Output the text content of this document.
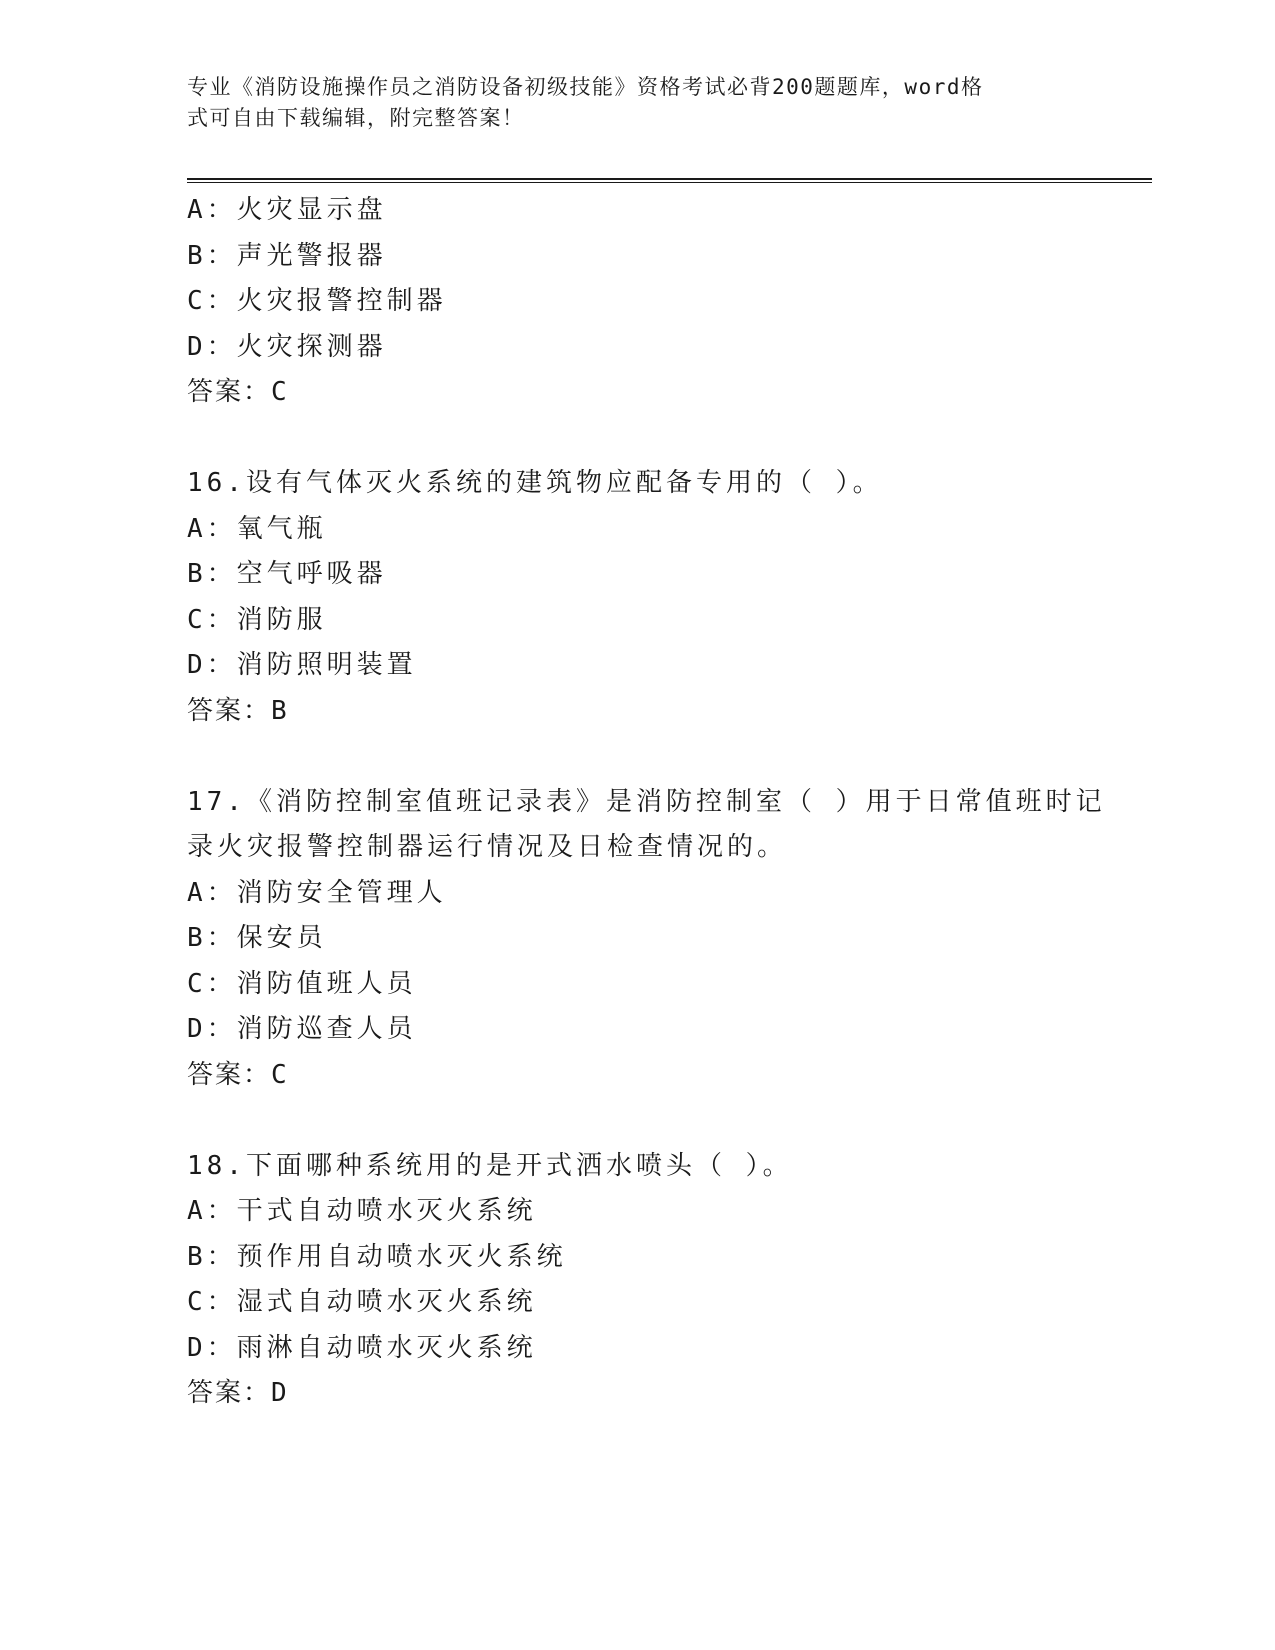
专业《消防设施操作员之消防设备初级技能》资格考试必背200题题库，word格

式可自由下载编辑，附完整答案！

A：火灾显示盘
B：声光警报器
C：火灾报警控制器
D：火灾探测器
答案：C
16.设有气体灭火系统的建筑物应配备专用的（ ）。
A：氧气瓶
B：空气呼吸器
C：消防服
D：消防照明装置
答案：B
17.《消防控制室值班记录表》是消防控制室（ ）用于日常值班时记
录火灾报警控制器运行情况及日检查情况的。
A：消防安全管理人
B：保安员
C：消防值班人员
D：消防巡查人员
答案：C
18.下面哪种系统用的是开式洒水喷头（ ）。
A：干式自动喷水灭火系统
B：预作用自动喷水灭火系统
C：湿式自动喷水灭火系统
D：雨淋自动喷水灭火系统
答案：D
